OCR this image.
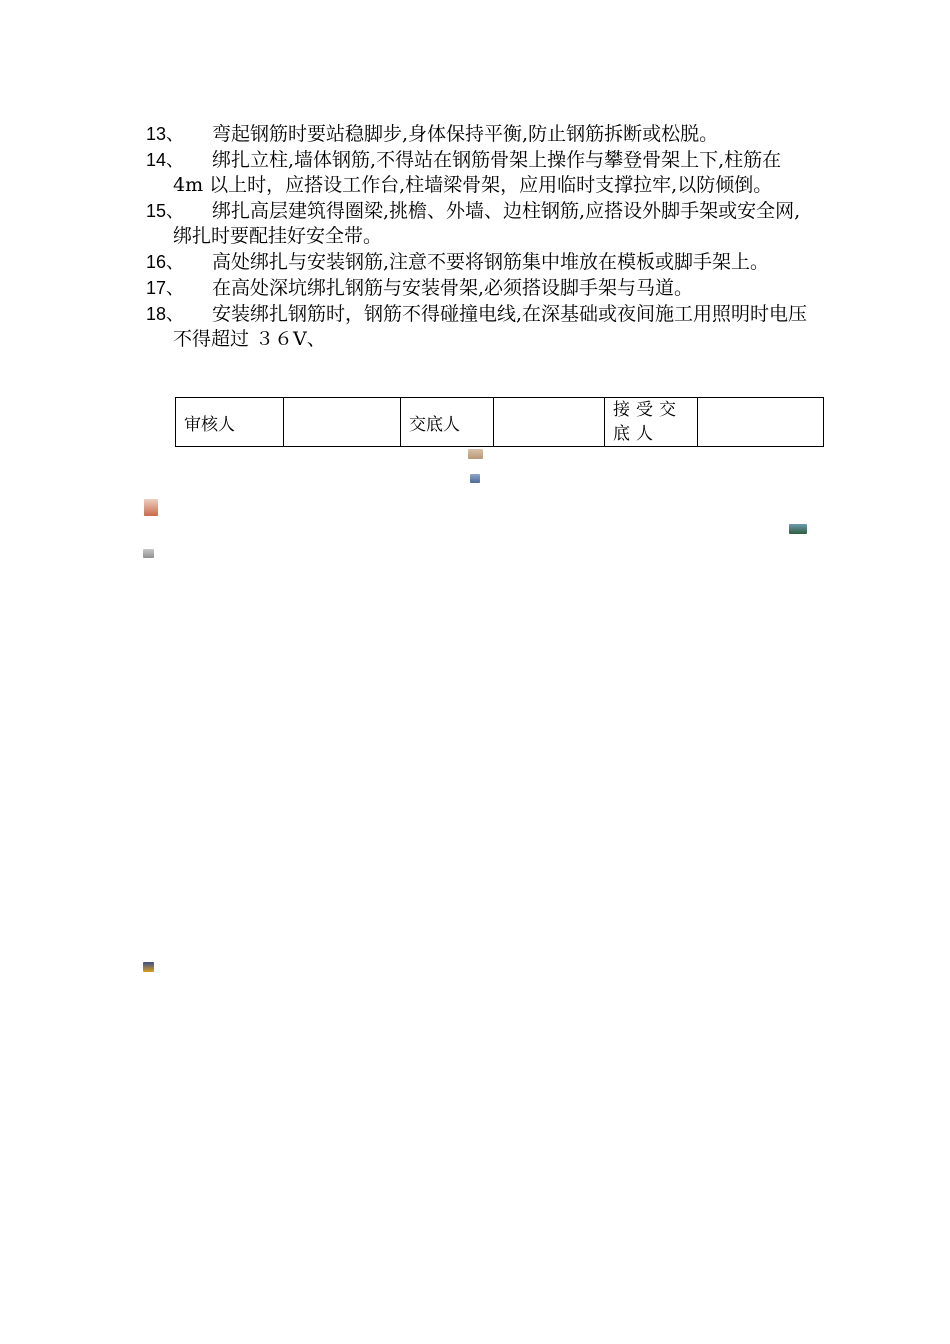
13、	弯起钢筋时要站稳脚步,身体保持平衡,防止钢筋拆断或松脱。
14、	绑扎立柱,墙体钢筋,不得站在钢筋骨架上操作与攀登骨架上下,柱筋在 4m 以上时，应搭设工作台,柱墙梁骨架，应用临时支撑拉牢,以防倾倒。
15、	绑扎高层建筑得圈梁,挑檐、外墙、边柱钢筋,应搭设外脚手架或安全网,绑扎时要配挂好安全带。
16、	高处绑扎与安装钢筋,注意不要将钢筋集中堆放在模板或脚手架上。
17、	在高处深坑绑扎钢筋与安装骨架,必须搭设脚手架与马道。
18、	安装绑扎钢筋时，钢筋不得碰撞电线,在深基础或夜间施工用照明时电压不得超过 ３６V、
审核人		交底人		接受交底人	
